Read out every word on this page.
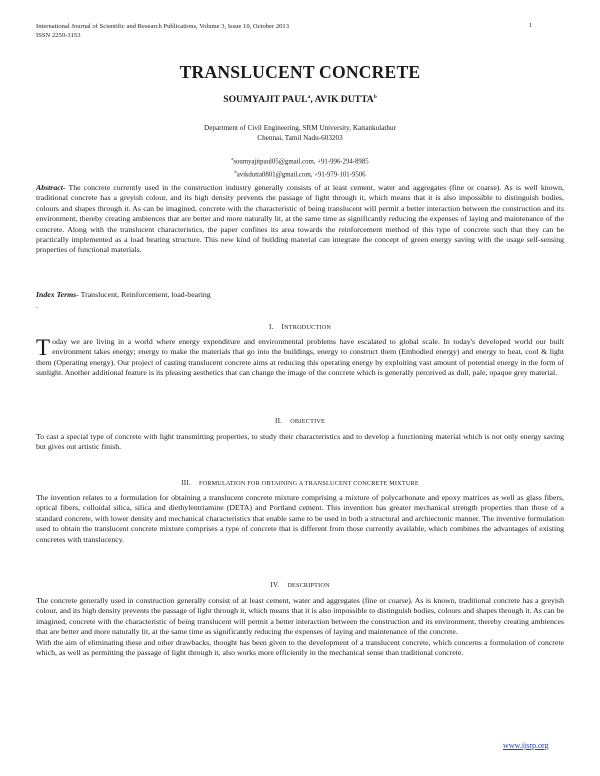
International Journal of Scientific and Research Publications, Volume 3, Issue 10, October 2013
ISSN 2250-3153
1
TRANSLUCENT CONCRETE
SOUMYAJIT PAUL$^a$, AVIK DUTTA$^b$
Department of Civil Engineering, SRM University, Kattankulathur
Chennai, Tamil Nadu-603203
$^a$soumyajitpaul05@gmail.com, +91-996-294-8985
$^b$avikdutta0801@gmail.com, +91-979-101-9506
Abstract- The concrete currently used in the construction industry generally consists of at least cement, water and aggregates (fine or coarse). As is well known, traditional concrete has a greyish colour, and its high density prevents the passage of light through it, which means that it is also impossible to distinguish bodies, colours and shapes through it. As can be imagined, concrete with the characteristic of being translucent will permit a better interaction between the construction and its environment, thereby creating ambiences that are better and more naturally lit, at the same time as significantly reducing the expenses of laying and maintenance of the concrete. Along with the translucent characteristics, the paper confines its area towards the reinforcement method of this type of concrete such that they can be practically implemented as a load bearing structure. This new kind of building material can integrate the concept of green energy saving with the usage self-sensing properties of functional materials.
Index Terms- Translucent, Reinforcement, load-bearing
.
I. INTRODUCTION
Today we are living in a world where energy expenditure and environmental problems have escalated to global scale. In today's developed world our built environment takes energy; energy to make the materials that go into the buildings, energy to construct them (Embodied energy) and energy to heat, cool & light them (Operating energy). Our project of casting translucent concrete aims at reducing this operating energy by exploiting vast amount of potential energy in the form of sunlight. Another additional feature is its pleasing aesthetics that can change the image of the concrete which is generally perceived as dull, pale, opaque grey material.
II. OBJECTIVE
To cast a special type of concrete with light transmitting properties, to study their characteristics and to develop a functioning material which is not only energy saving but gives out artistic finish.
III. FORMULATION FOR OBTAINING A TRANSLUCENT CONCRETE MIXTURE
The invention relates to a formulation for obtaining a translucent concrete mixture comprising a mixture of polycarbonate and epoxy matrices as well as glass fibers, optical fibers, colloidal silica, silica and diethylentriamine (DETA) and Portland cement. This invention has greater mechanical strength properties than those of a standard concrete, with lower density and mechanical characteristics that enable same to be used in both a structural and archiectonic manner. The inventive formulation used to obtain the translucent concrete mixture comprises a type of concrete that is different from those currently available, which combines the advantages of existing concretes with translucency.
IV. DESCRIPTION
The concrete generally used in construction generally consist of at least cement, water and aggregates (fine or coarse). As is known, traditional concrete has a greyish colour, and its high density prevents the passage of light through it, which means that it is also impossible to distinguish bodies, colours and shapes through it. As can be imagined, concrete with the characteristic of being translucent will permit a better interaction between the construction and its environment, thereby creating ambiences that are better and more naturally lit, at the same time as significantly reducing the expenses of laying and maintenance of the concrete.
With the aim of eliminating these and other drawbacks, thought has been given to the development of a translucent concrete, which concerns a formulation of concrete which, as well as permitting the passage of light through it, also works more efficiently in the mechanical sense than traditional concrete.
www.ijsrp.org
